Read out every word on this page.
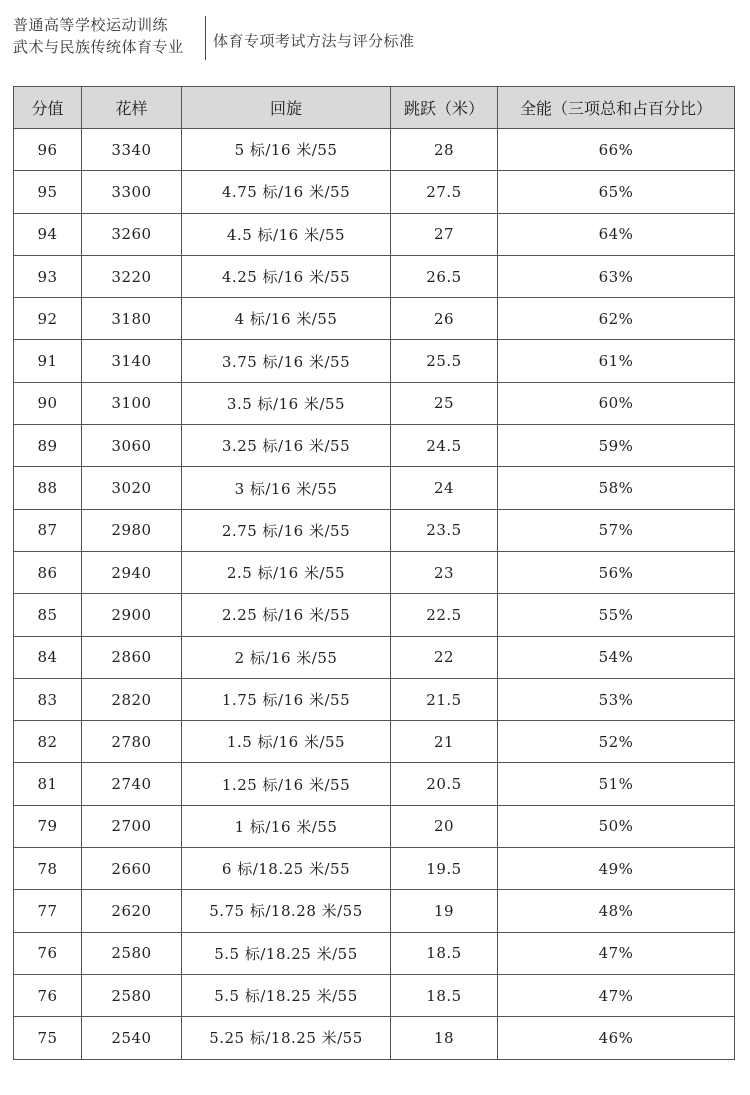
普通高等学校运动训练
武术与民族传统体育专业	体育专项考试方法与评分标准
分值	花样	回旋	跳跃（米）	全能（三项总和占百分比）
96	3340	5 标/16 米/55	28	66%
95	3300	4.75 标/16 米/55	27.5	65%
94	3260	4.5 标/16 米/55	27	64%
93	3220	4.25 标/16 米/55	26.5	63%
92	3180	4 标/16 米/55	26	62%
91	3140	3.75 标/16 米/55	25.5	61%
90	3100	3.5 标/16 米/55	25	60%
89	3060	3.25 标/16 米/55	24.5	59%
88	3020	3 标/16 米/55	24	58%
87	2980	2.75 标/16 米/55	23.5	57%
86	2940	2.5 标/16 米/55	23	56%
85	2900	2.25 标/16 米/55	22.5	55%
84	2860	2 标/16 米/55	22	54%
83	2820	1.75 标/16 米/55	21.5	53%
82	2780	1.5 标/16 米/55	21	52%
81	2740	1.25 标/16 米/55	20.5	51%
79	2700	1 标/16 米/55	20	50%
78	2660	6 标/18.25 米/55	19.5	49%
77	2620	5.75 标/18.28 米/55	19	48%
76	2580	5.5 标/18.25 米/55	18.5	47%
76	2580	5.5 标/18.25 米/55	18.5	47%
75	2540	5.25 标/18.25 米/55	18	46%
